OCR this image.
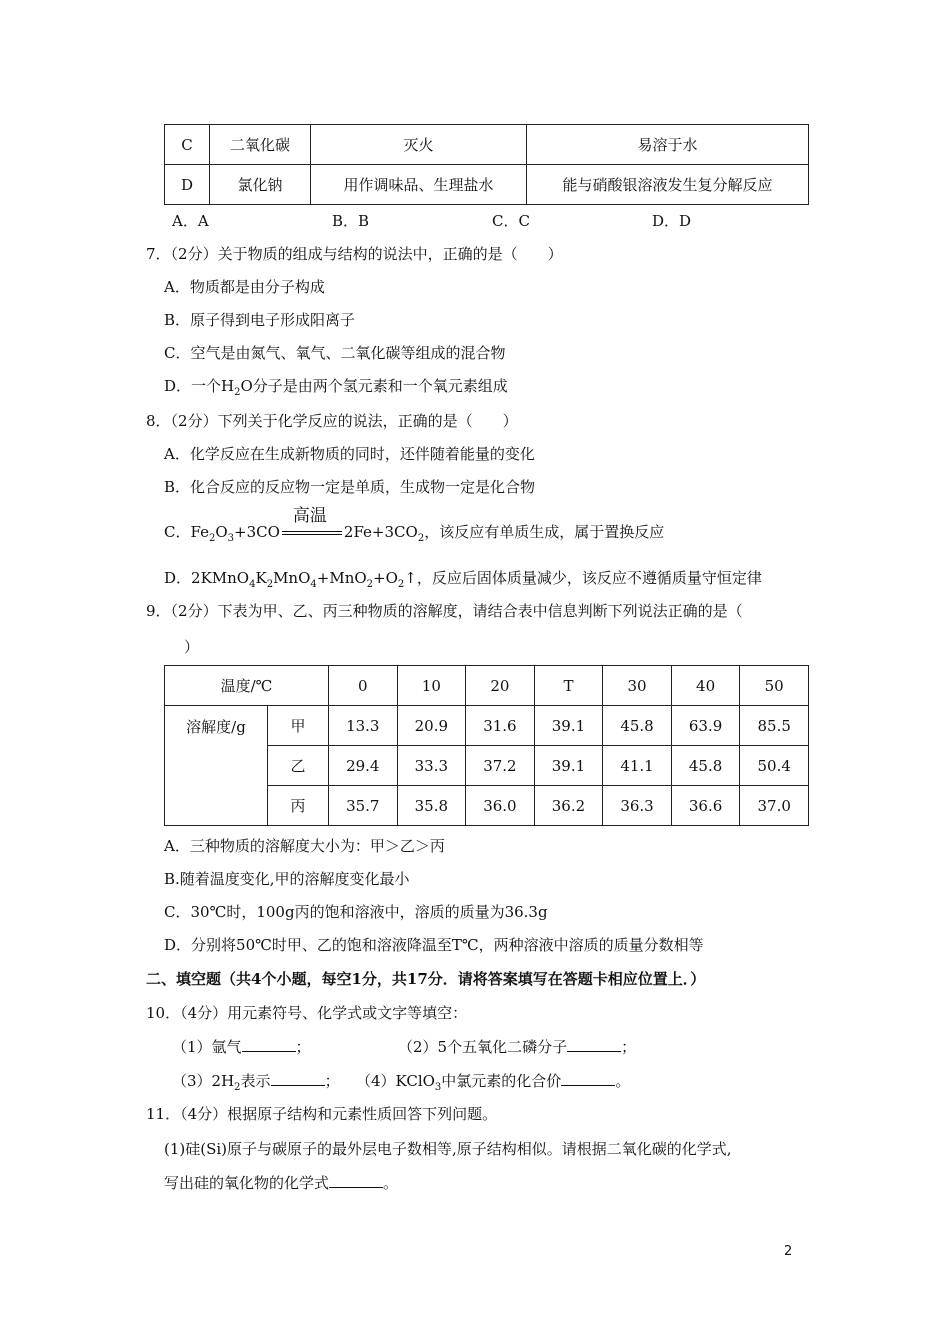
C	二氧化碳	灭火	易溶于水
D	氯化钠	用作调味品、生理盐水	能与硝酸银溶液发生复分解反应
A．A	B．B	C．C	D．D
7．（2分）关于物质的组成与结构的说法中，正确的是（　　）
A．物质都是由分子构成
B．原子得到电子形成阳离子
C．空气是由氮气、氧气、二氧化碳等组成的混合物
D．一个$H_2O$分子是由两个氢元素和一个氧元素组成
8．（2分）下列关于化学反应的说法，正确的是（　　）
A．化学反应在生成新物质的同时，还伴随着能量的变化
B．化合反应的反应物一定是单质，生成物一定是化合物
C．$Fe_2O_3+3CO$
高温
$2Fe+3CO_2$，该反应有单质生成，属于置换反应
D．$2KMnO_4K_2MnO_4+MnO_2+O_2↑$，反应后固体质量减少，该反应不遵循质量守恒定律
9．（2分）下表为甲、乙、丙三种物质的溶解度，请结合表中信息判断下列说法正确的是（
）
温度/℃		0	10	20	T	30	40	50
溶解度/g	甲	13.3	20.9	31.6	39.1	45.8	63.9	85.5
	乙	29.4	33.3	37.2	39.1	41.1	45.8	50.4
	丙	35.7	35.8	36.0	36.2	36.3	36.6	37.0
A．三种物质的溶解度大小为：甲＞乙＞丙
B.随着温度变化,甲的溶解度变化最小
C．30℃时，100g丙的饱和溶液中，溶质的质量为36.3g
D．分别将50℃时甲、乙的饱和溶液降温至T℃，两种溶液中溶质的质量分数相等
二、填空题（共4个小题，每空1分，共17分．请将答案填写在答题卡相应位置上．）
10．（4分）用元素符号、化学式或文字等填空：
（1）氩气	；	（2）5个五氧化二磷分子	；
$(3)2H_2$表示	； （4）KClO$_3$中氯元素的化合价	。
11．（4分）根据原子结构和元素性质回答下列问题。
(1)硅(Si)原子与碳原子的最外层电子数相等,原子结构相似。请根据二氧化碳的化学式,
写出硅的氧化物的化学式	。
2
